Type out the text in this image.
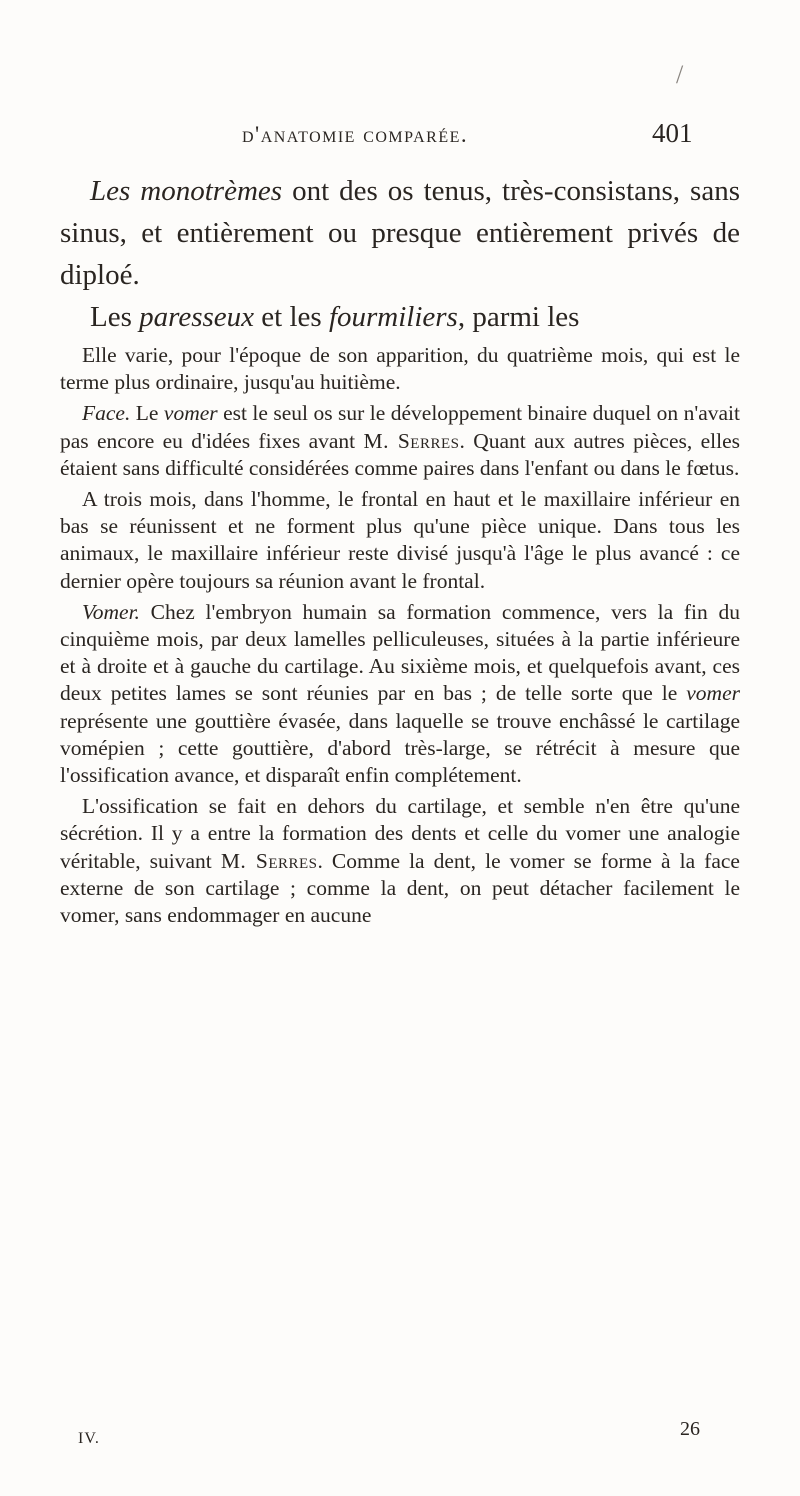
/
d'anatomie comparée.	401

Les monotrèmes ont des os tenus, très-consistans, sans sinus, et entièrement ou presque entièrement privés de diploé.

Les paresseux et les fourmiliers, parmi les

Elle varie, pour l'époque de son apparition, du quatrième mois, qui est le terme plus ordinaire, jusqu'au huitième.

Face. Le vomer est le seul os sur le développement binaire duquel on n'avait pas encore eu d'idées fixes avant M. Serres. Quant aux autres pièces, elles étaient sans difficulté considérées comme paires dans l'enfant ou dans le fœtus.

A trois mois, dans l'homme, le frontal en haut et le maxillaire inférieur en bas se réunissent et ne forment plus qu'une pièce unique. Dans tous les animaux, le maxillaire inférieur reste divisé jusqu'à l'âge le plus avancé : ce dernier opère toujours sa réunion avant le frontal.

Vomer. Chez l'embryon humain sa formation commence, vers la fin du cinquième mois, par deux lamelles pelliculeuses, situées à la partie inférieure et à droite et à gauche du cartilage. Au sixième mois, et quelquefois avant, ces deux petites lames se sont réunies par en bas ; de telle sorte que le vomer représente une gouttière évasée, dans laquelle se trouve enchâssé le cartilage voméрien ; cette gouttière, d'abord très-large, se rétrécit à mesure que l'ossification avance, et disparaît enfin complétement.

L'ossification se fait en dehors du cartilage, et semble n'en être qu'une sécrétion. Il y a entre la formation des dents et celle du vomer une analogie véritable, suivant M. Serres. Comme la dent, le vomer se forme à la face externe de son cartilage ; comme la dent, on peut détacher facilement le vomer, sans endommager en aucune

IV.	26
